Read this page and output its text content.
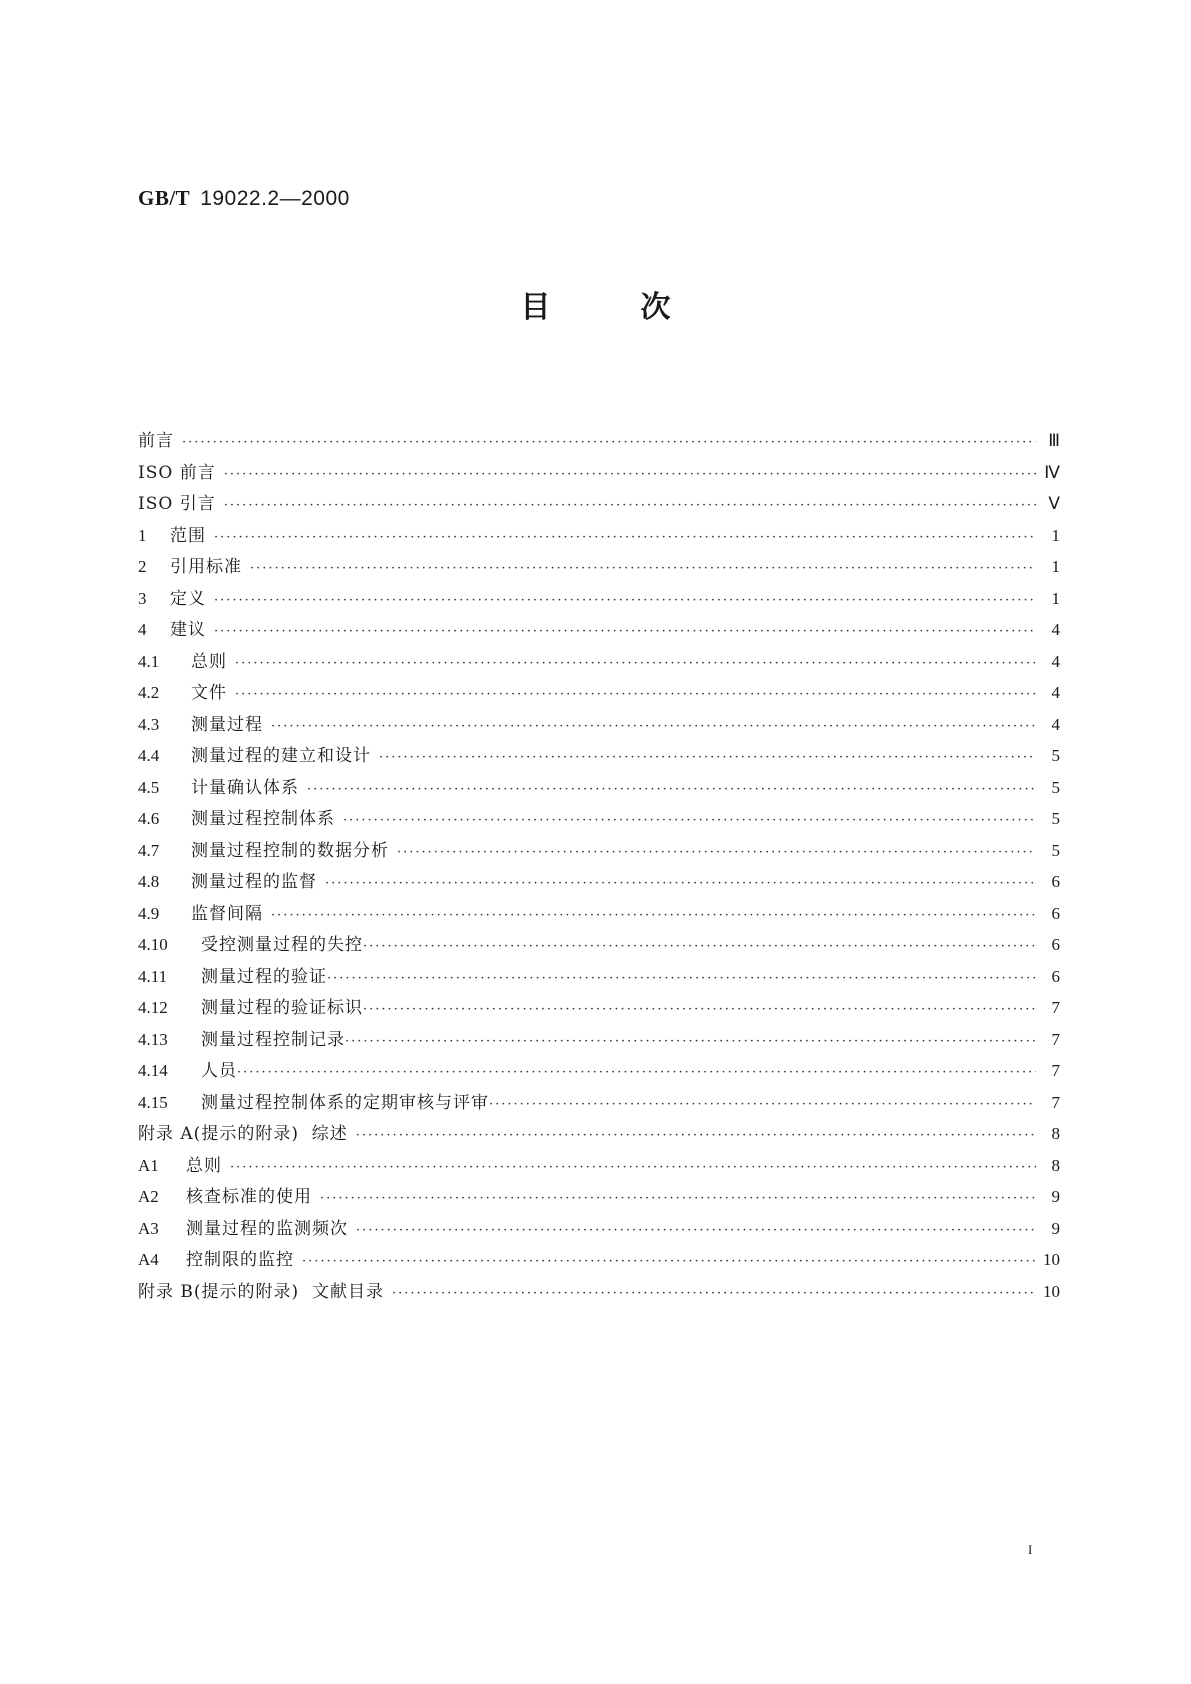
GB/T 19022.2—2000
目次
前言 ·····	Ⅲ
ISO 前言 ·····	Ⅳ
ISO 引言 ·····	Ⅴ
1	范围 ·····	1
2	引用标准 ·····	1
3	定义 ·····	1
4	建议 ·····	4
4.1	总则 ·····	4
4.2	文件 ·····	4
4.3	测量过程 ·····	4
4.4	测量过程的建立和设计 ·····	5
4.5	计量确认体系 ·····	5
4.6	测量过程控制体系 ·····	5
4.7	测量过程控制的数据分析 ·····	5
4.8	测量过程的监督 ·····	6
4.9	监督间隔 ·····	6
4.10	受控测量过程的失控 ·····	6
4.11	测量过程的验证 ·····	6
4.12	测量过程的验证标识 ·····	7
4.13	测量过程控制记录 ·····	7
4.14	人员 ·····	7
4.15	测量过程控制体系的定期审核与评审 ·····	7
附录 A(提示的附录)  综述 ·····	8
A1	总则 ·····	8
A2	核查标准的使用 ·····	9
A3	测量过程的监测频次 ·····	9
A4	控制限的监控 ·····	10
附录 B(提示的附录)  文献目录 ·····	10
I
